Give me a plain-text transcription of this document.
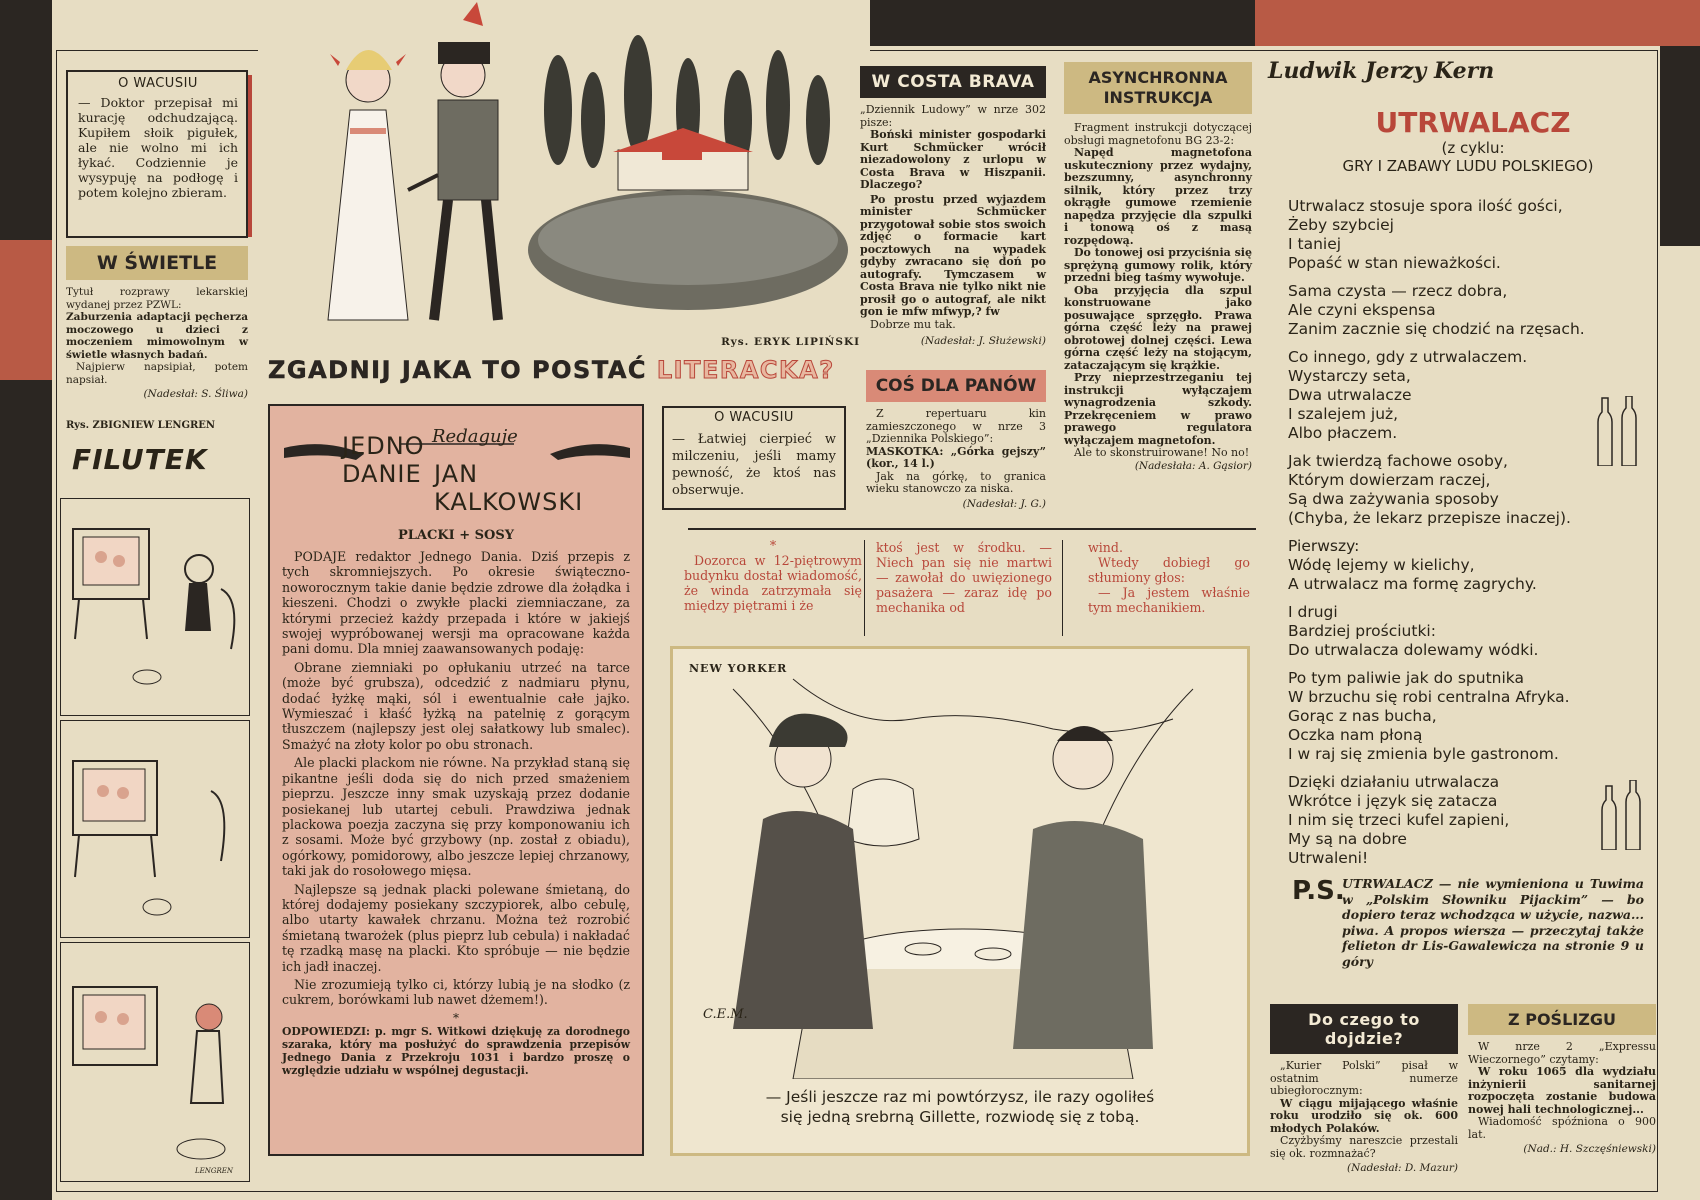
O WACUSIU
— Doktor przepisał mi kurację odchudzającą. Kupiłem słoik pigułek, ale nie wolno mi ich łykać. Codziennie je wysypuję na podłogę i potem kolejno zbieram.
W ŚWIETLE
Tytuł rozprawy lekarskiej wydanej przez PZWL:
Zaburzenia adaptacji pęcherza moczowego u dzieci z moczeniem mimowolnym w świetle własnych badań.
Najpierw napsipiał, potem napsiał.
(Nadesłał: S. Śliwa)
Rys. ZBIGNIEW LENGREN
FILUTEK
LENGREN
Rys. ERYK LIPIŃSKI
ZGADNIJ JAKA TO POSTAĆ LITERACKA?
JEDNO Redaguje
DANIE JAN KALKOWSKI
PLACKI + SOSY

PODAJE redaktor Jednego Dania. Dziś przepis z tych skromniejszych. Po okresie świąteczno-noworocznym takie danie będzie zdrowe dla żołądka i kieszeni. Chodzi o zwykłe placki ziemniaczane, za którymi przecież każdy przepada i które w jakiejś swojej wypróbowanej wersji ma opracowane każda pani domu. Dla mniej zaawansowanych podaję:

Obrane ziemniaki po opłukaniu utrzeć na tarce (może być grubsza), odcedzić z nadmiaru płynu, dodać łyżkę mąki, sól i ewentualnie całe jajko. Wymieszać i kłaść łyżką na patelnię z gorącym tłuszczem (najlepszy jest olej sałatkowy lub smalec). Smażyć na złoty kolor po obu stronach.

Ale placki plackom nie równe. Na przykład staną się pikantne jeśli doda się do nich przed smażeniem pieprzu. Jeszcze inny smak uzyskają przez dodanie posiekanej lub utartej cebuli. Prawdziwa jednak plackowa poezja zaczyna się przy komponowaniu ich z sosami. Może być grzybowy (np. został z obiadu), ogórkowy, pomidorowy, albo jeszcze lepiej chrzanowy, taki jak do rosołowego mięsa.

Najlepsze są jednak placki polewane śmietaną, do której dodajemy posiekany szczypiorek, albo cebulę, albo utarty kawałek chrzanu. Można też rozrobić śmietaną twarożek (plus pieprz lub cebula) i nakładać tę rzadką masę na placki. Kto spróbuje — nie będzie ich jadł inaczej.

Nie zrozumieją tylko ci, którzy lubią je na słodko (z cukrem, borówkami lub nawet dżemem!).

*
ODPOWIEDZI: p. mgr S. Witkowi dziękuję za dorodnego szaraka, który ma posłużyć do sprawdzenia przepisów Jednego Dania z Przekroju 1031 i bardzo proszę o względzie udziału w wspólnej degustacji.
O WACUSIU
— Łatwiej cierpieć w milczeniu, jeśli mamy pewność, że ktoś nas obserwuje.
W COSTA BRAVA
„Dziennik Ludowy” w nrze 302 pisze:
Boński minister gospodarki Kurt Schmücker wrócił niezadowolony z urlopu w Costa Brava w Hiszpanii. Dlaczego?
Po prostu przed wyjazdem minister Schmücker przygotował sobie stos swoich zdjęć o formacie kart pocztowych na wypadek gdyby zwracano się doń po autografy. Tymczasem w Costa Brava nie tylko nikt nie prosił go o autograf, ale nikt gon ie mfw mfwyp,? fw
Dobrze mu tak.
(Nadesłał: J. Służewski)
COŚ DLA PANÓW
Z repertuaru kin zamieszczonego w nrze 3 „Dziennika Polskiego”:
MASKOTKA: „Górka gejszy” (kor., 14 l.)
Jak na górkę, to granica wieku stanowczo za niska.
(Nadesłał: J. G.)
ASYNCHRONNA
INSTRUKCJA
Fragment instrukcji dotyczącej obsługi magnetofonu BG 23-2:
Napęd magnetofona uskuteczniony przez wydajny, bezszumny, asynchronny silnik, który przez trzy okrągłe gumowe rzemienie napędza przyjęcie dla szpulki i tonową oś z masą rozpędową.
Do tonowej osi przyciśnia się sprężyną gumowy rolik, który przedni bieg taśmy wywołuje.
Oba przyjęcia dla szpul konstruowane jako posuwające sprzęgło. Prawa górna część leży na prawej obrotowej dolnej części. Lewa górna część leży na stojącym, zataczającym się krążkie.
Przy nieprzestrzeganiu tej instrukcji wyłączajem wynagrodzenia szkody. Przekręceniem w prawo prawego regulatora wyłączajem magnetofon.
Ale to skonstruirowane! No no!
(Nadesłała: A. Gąsior)
*
Dozorca w 12-piętrowym budynku dostał wiadomość, że winda zatrzymała się między piętrami i że
ktoś jest w środku. — Niech pan się nie martwi — zawołał do uwięzionego pasażera — zaraz idę po mechanika od
wind.
Wtedy dobiegł go stłumiony głos:
— Ja jestem właśnie tym mechanikiem.
NEW YORKER
C.E.M.
— Jeśli jeszcze raz mi powtórzysz, ile razy ogoliłeś
się jedną srebrną Gillette, rozwiodę się z tobą.
Ludwik Jerzy Kern
UTRWALACZ
(z cyklu:
GRY I ZABAWY LUDU POLSKIEGO)

Utrwalacz stosuje spora ilość gości,

Żeby szybciej

I taniej

Popaść w stan nieważkości.

Sama czysta — rzecz dobra,

Ale czyni ekspensa

Zanim zacznie się chodzić na rzęsach.

Co innego, gdy z utrwalaczem.

Wystarczy seta,

Dwa utrwalacze

I szalejem już,

Albo płaczem.

Jak twierdzą fachowe osoby,

Którym dowierzam raczej,

Są dwa zażywania sposoby

(Chyba, że lekarz przepisze inaczej).

Pierwszy:

Wódę lejemy w kielichy,

A utrwalacz ma formę zagrychy.

I drugi

Bardziej prościutki:

Do utrwalacza dolewamy wódki.

Po tym paliwie jak do sputnika

W brzuchu się robi centralna Afryka.

Gorąc z nas bucha,

Oczka nam płoną

I w raj się zmienia byle gastronom.

Dzięki działaniu utrwalacza

Wkrótce i język się zatacza

I nim się trzeci kufel zapieni,

My są na dobre

Utrwaleni!

P.S.
UTRWALACZ — nie wymieniona u Tuwima w „Polskim Słowniku Pijackim” — bo dopiero teraz wchodząca w użycie, nazwa... piwa. A propos wiersza — przeczytaj także felieton dr Lis-Gawalewicza na stronie 9 u góry
Do czego to dojdzie?
„Kurier Polski” pisał w ostatnim numerze ubiegłorocznym:
W ciągu mijającego właśnie roku urodziło się ok. 600 młodych Polaków.
Czyżbyśmy nareszcie przestali się ok. rozmnażać?
(Nadesłał: D. Mazur)
Z POŚLIZGU
W nrze 2 „Expressu Wieczornego” czytamy:
W roku 1065 dla wydziału inżynierii sanitarnej rozpoczęta zostanie budowa nowej hali technologicznej...
Wiadomość spóźniona o 900 lat.
(Nad.: H. Szczęśniewski)
